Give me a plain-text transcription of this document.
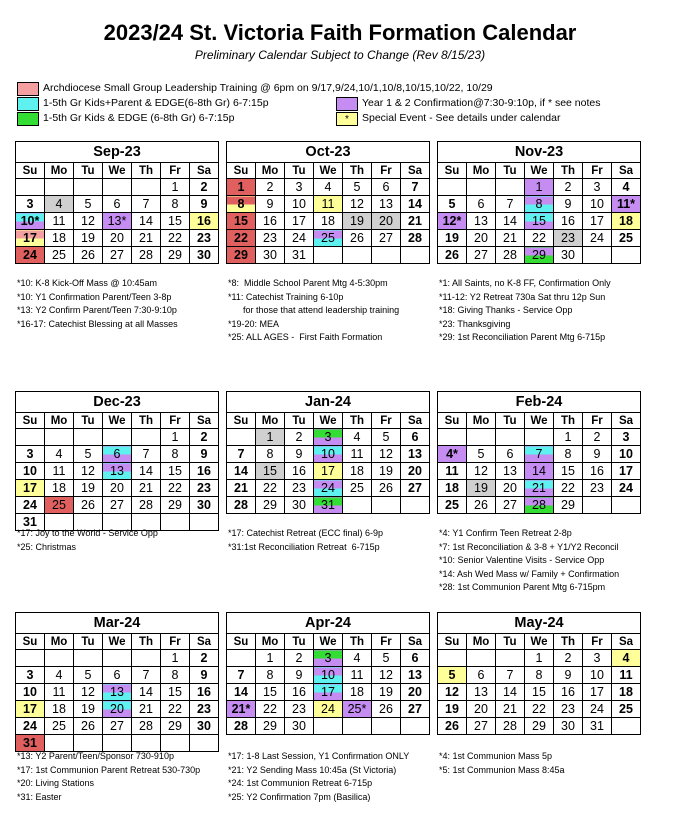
2023/24 St. Victoria Faith Formation Calendar
Preliminary Calendar Subject to Change (Rev 8/15/23)
Archdiocese Small Group Leadership Training @ 6pm on 9/17,9/24,10/1,10/8,10/15,10/22, 10/29
1-5th Gr Kids+Parent & EDGE(6-8th Gr) 6-7:15p	Year 1 & 2 Confirmation@7:30-9:10p, if * see notes
1-5th Gr Kids & EDGE (6-8th Gr) 6-7:15p	*	Special Event - See details under calendar
Sep-23						
Su	Mo	Tu	We	Th	Fr	Sa
					1	2
3	4	5	6	7	8	9
10*	11	12	13*	14	15	16
17	18	19	20	21	22	23
24	25	26	27	28	29	30
Oct-23						
Su	Mo	Tu	We	Th	Fr	Sa
1	2	3	4	5	6	7
8	9	10	11	12	13	14
15	16	17	18	19	20	21
22	23	24	25	26	27	28
29	30	31				
Nov-23						
Su	Mo	Tu	We	Th	Fr	Sa
			1	2	3	4
5	6	7	8	9	10	11*
12*	13	14	15	16	17	18
19	20	21	22	23	24	25
26	27	28	29	30		
Dec-23						
Su	Mo	Tu	We	Th	Fr	Sa
					1	2
3	4	5	6	7	8	9
10	11	12	13	14	15	16
17	18	19	20	21	22	23
24	25	26	27	28	29	30
31						
Jan-24						
Su	Mo	Tu	We	Th	Fr	Sa
	1	2	3	4	5	6
7	8	9	10	11	12	13
14	15	16	17	18	19	20
21	22	23	24	25	26	27
28	29	30	31			
Feb-24						
Su	Mo	Tu	We	Th	Fr	Sa
				1	2	3
4*	5	6	7	8	9	10
11	12	13	14	15	16	17
18	19	20	21	22	23	24
25	26	27	28	29		
Mar-24						
Su	Mo	Tu	We	Th	Fr	Sa
					1	2
3	4	5	6	7	8	9
10	11	12	13	14	15	16
17	18	19	20	21	22	23
24	25	26	27	28	29	30
31						
Apr-24						
Su	Mo	Tu	We	Th	Fr	Sa
	1	2	3	4	5	6
7	8	9	10	11	12	13
14	15	16	17	18	19	20
21*	22	23	24	25*	26	27
28	29	30				
May-24						
Su	Mo	Tu	We	Th	Fr	Sa
			1	2	3	4
5	6	7	8	9	10	11
12	13	14	15	16	17	18
19	20	21	22	23	24	25
26	27	28	29	30	31	
*10: K-8 Kick-Off Mass @ 10:45am
*10: Y1 Confirmation Parent/Teen 3-8p
*13: Y2 Confirm Parent/Teen 7:30-9:10p
*16-17: Catechist Blessing at all Masses
*8:  Middle School Parent Mtg 4-5:30pm
*11: Catechist Training 6-10p
for those that attend leadership training
*19-20: MEA
*25: ALL AGES -  First Faith Formation
*1: All Saints, no K-8 FF, Confirmation Only
*11-12: Y2 Retreat 730a Sat thru 12p Sun
*18: Giving Thanks - Service Opp
*23: Thanksgiving
*29: 1st Reconciliation Parent Mtg 6-715p
*17: Joy to the World - Service Opp
*25: Christmas
*17: Catechist Retreat (ECC final) 6-9p
*31:1st Reconciliation Retreat  6-715p
*4: Y1 Confirm Teen Retreat 2-8p
*7: 1st Reconciliation & 3-8 + Y1/Y2 Reconcil
*10: Senior Valentine Visits - Service Opp
*14: Ash Wed Mass w/ Family + Confirmation
*28: 1st Communion Parent Mtg 6-715pm
*13: Y2 Parent/Teen/Sponsor 730-910p
*17: 1st Communion Parent Retreat 530-730p
*20: Living Stations
*31: Easter
*17: 1-8 Last Session, Y1 Confirmation ONLY
*21: Y2 Sending Mass 10:45a (St Victoria)
*24: 1st Communion Retreat 6-715p
*25: Y2 Confirmation 7pm (Basilica)
*4: 1st Communion Mass 5p
*5: 1st Communion Mass 8:45a
